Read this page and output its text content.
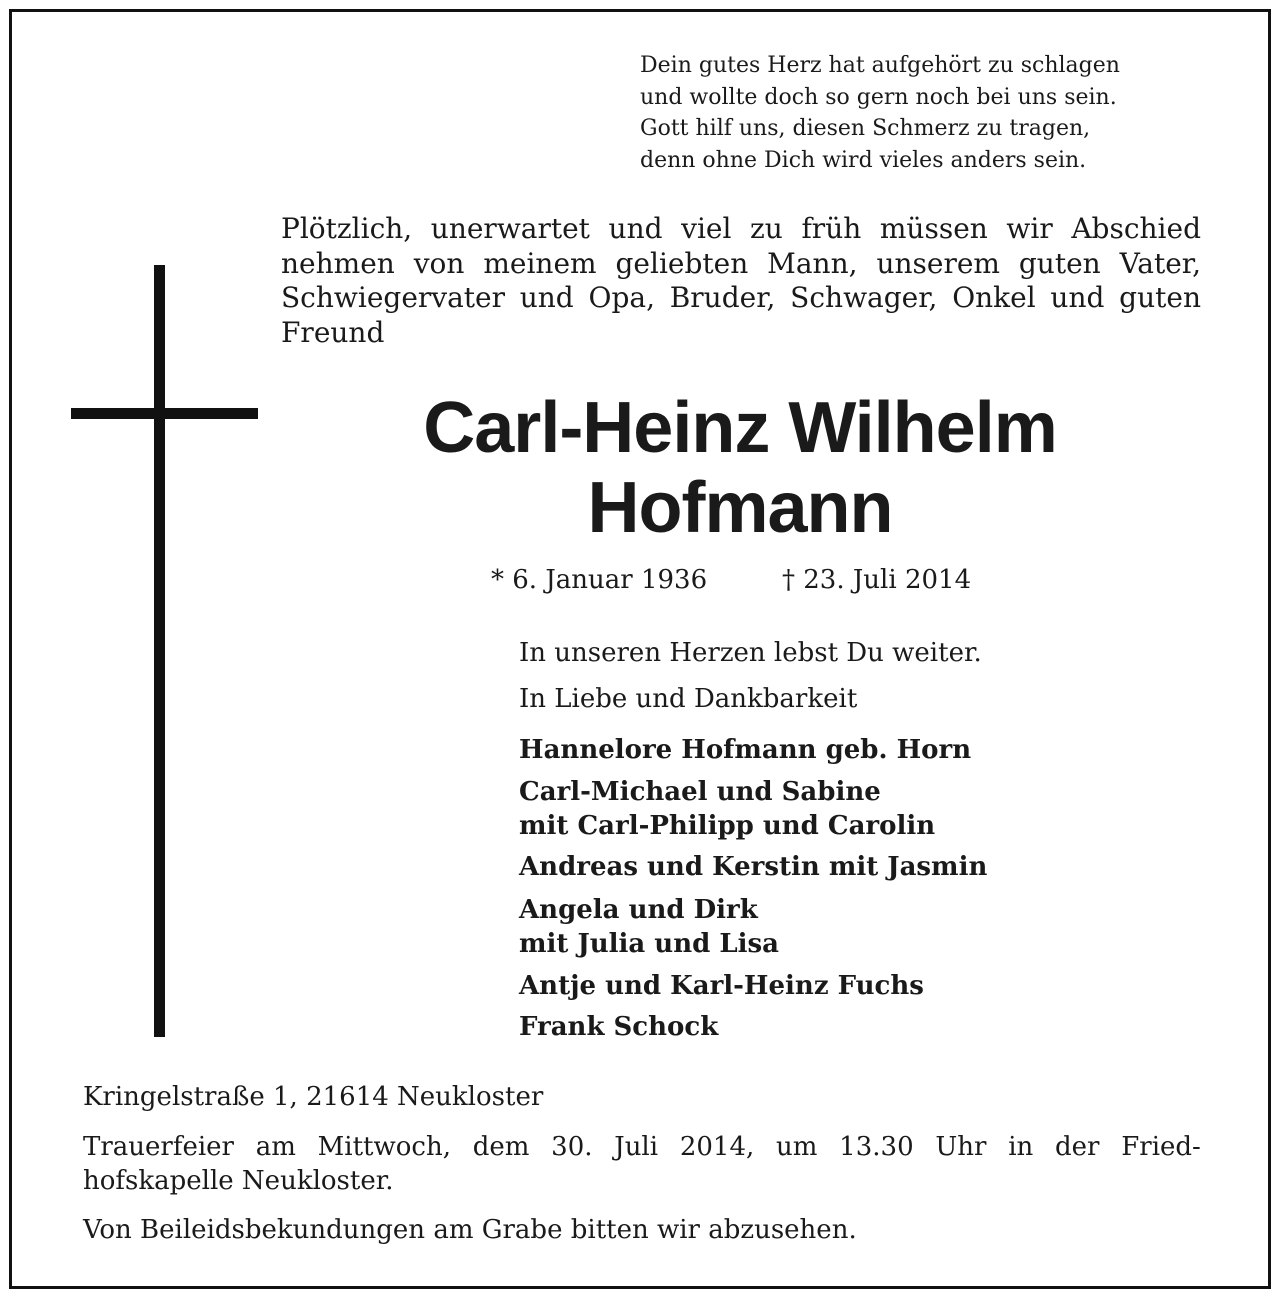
Dein gutes Herz hat aufgehört zu schlagen
und wollte doch so gern noch bei uns sein.
Gott hilf uns, diesen Schmerz zu tragen,
denn ohne Dich wird vieles anders sein.
Plötzlich, unerwartet und viel zu früh müssen wir Abschied nehmen von meinem geliebten Mann, unserem guten Vater, Schwiegervater und Opa, Bruder, Schwager, Onkel und guten Freund
Carl-Heinz Wilhelm
Hofmann
* 6. Januar 1936	† 23. Juli 2014
In unseren Herzen lebst Du weiter.
In Liebe und Dankbarkeit
Hannelore Hofmann geb. Horn
Carl-Michael und Sabine
mit Carl-Philipp und Carolin
Andreas und Kerstin mit Jasmin
Angela und Dirk
mit Julia und Lisa
Antje und Karl-Heinz Fuchs
Frank Schock
Kringelstraße 1, 21614 Neukloster
Trauerfeier am Mittwoch, dem 30. Juli 2014, um 13.30 Uhr in der Fried-
hofskapelle Neukloster.
Von Beileidsbekundungen am Grabe bitten wir abzusehen.
